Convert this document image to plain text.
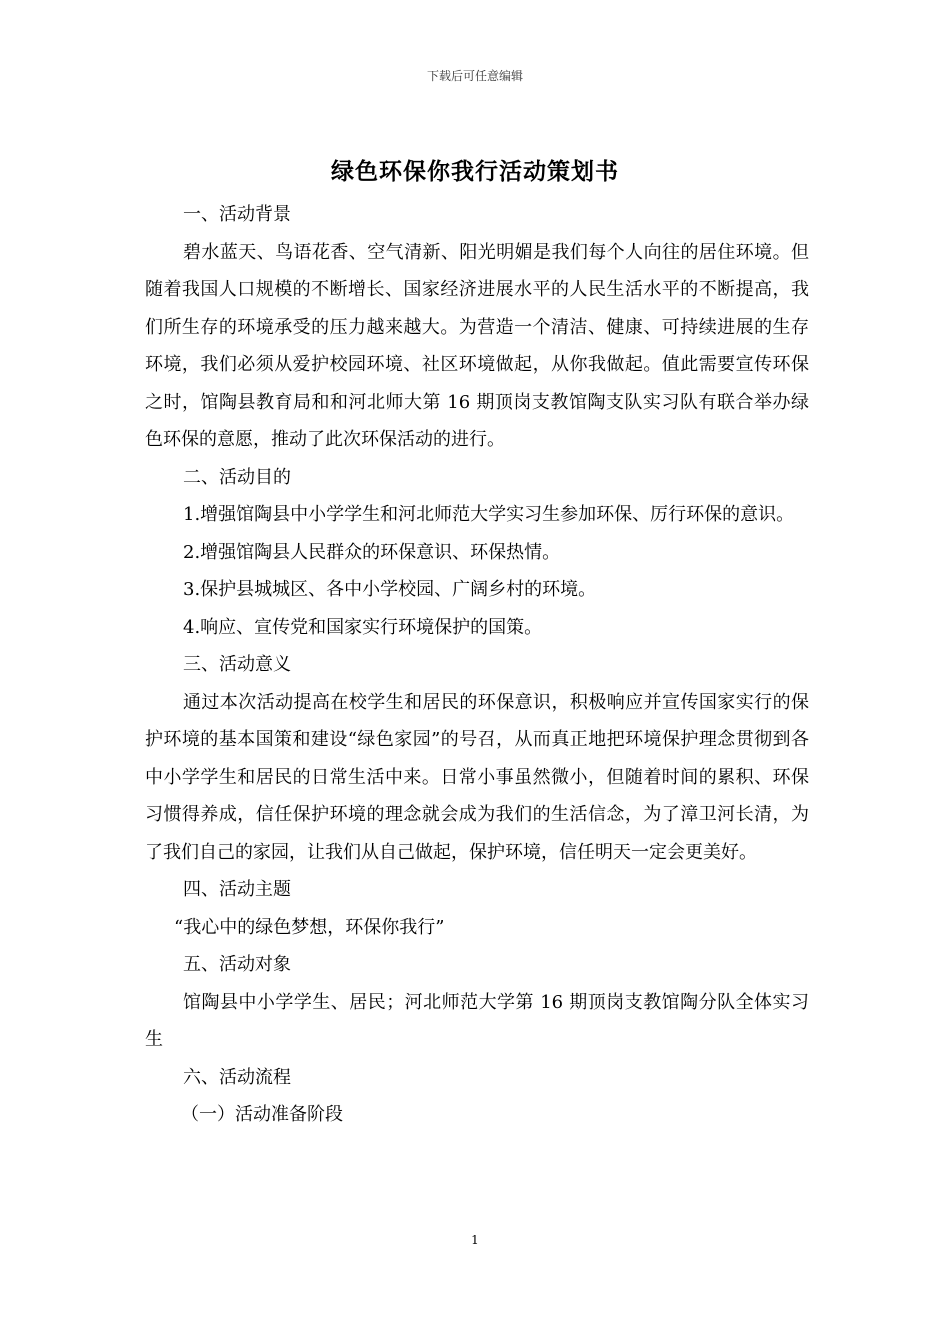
下载后可任意编辑
绿色环保你我行活动策划书

一、活动背景

碧水蓝天、鸟语花香、空气清新、阳光明媚是我们每个人向往的居住环境。但随着我国人口规模的不断增长、国家经济进展水平的人民生活水平的不断提高，我们所生存的环境承受的压力越来越大。为营造一个清洁、健康、可持续进展的生存环境，我们必须从爱护校园环境、社区环境做起，从你我做起。值此需要宣传环保之时，馆陶县教育局和和河北师大第 16 期顶岗支教馆陶支队实习队有联合举办绿色环保的意愿，推动了此次环保活动的进行。

二、活动目的

1.增强馆陶县中小学学生和河北师范大学实习生参加环保、厉行环保的意识。

2.增强馆陶县人民群众的环保意识、环保热情。

3.保护县城城区、各中小学校园、广阔乡村的环境。

4.响应、宣传党和国家实行环境保护的国策。

三、活动意义

通过本次活动提高在校学生和居民的环保意识，积极响应并宣传国家实行的保护环境的基本国策和建设“绿色家园”的号召，从而真正地把环境保护理念贯彻到各中小学学生和居民的日常生活中来。日常小事虽然微小，但随着时间的累积、环保习惯得养成，信任保护环境的理念就会成为我们的生活信念，为了漳卫河长清，为了我们自己的家园，让我们从自己做起，保护环境，信任明天一定会更美好。

四、活动主题

“我心中的绿色梦想，环保你我行”

五、活动对象

馆陶县中小学学生、居民；河北师范大学第 16 期顶岗支教馆陶分队全体实习生

六、活动流程

（一）活动准备阶段

1
